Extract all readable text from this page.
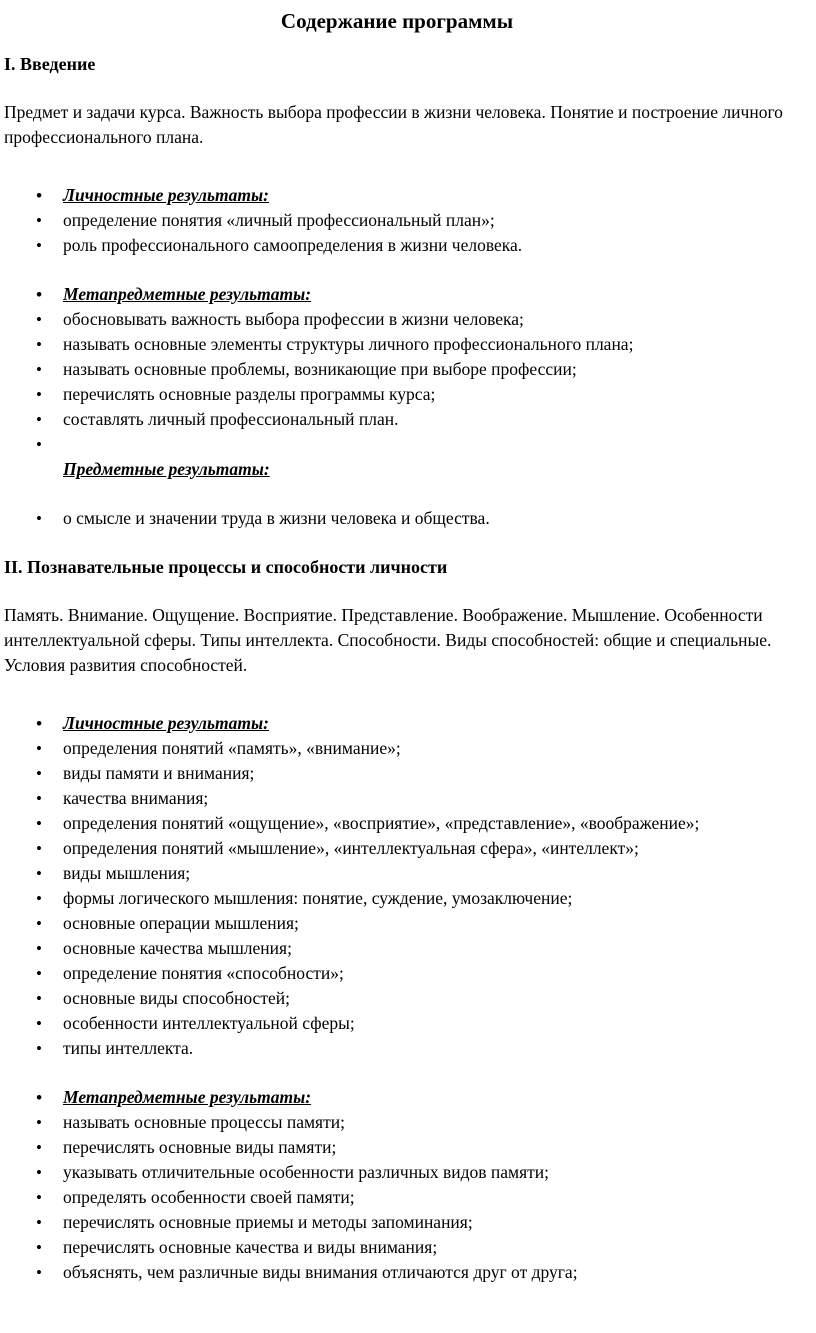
Содержание программы
I. Введение

Предмет и задачи курса. Важность выбора профессии в жизни человека. Понятие и построение личного профессионального плана.

• Личностные результаты:
• определение понятия «личный профессиональный план»;
• роль профессионального самоопределения в жизни человека.
• Метапредметные результаты:
• обосновывать важность выбора профессии в жизни человека;
• называть основные элементы структуры личного профессионального плана;
• называть основные проблемы, возникающие при выборе профессии;
• перечислять основные разделы программы курса;
• составлять личный профессиональный план.
•
Предметные результаты:
• о смысле и значении труда в жизни человека и общества.
II. Познавательные процессы и способности личности

Память. Внимание. Ощущение. Восприятие. Представление. Воображение. Мышление. Особенности интеллектуальной сферы. Типы интеллекта. Способности. Виды способностей: общие и специальные. Условия развития способностей.

• Личностные результаты:
• определения понятий «память», «внимание»;
• виды памяти и внимания;
• качества внимания;
• определения понятий «ощущение», «восприятие», «представление», «воображение»;
• определения понятий «мышление», «интеллектуальная сфера», «интеллект»;
• виды мышления;
• формы логического мышления: понятие, суждение, умозаключение;
• основные операции мышления;
• основные качества мышления;
• определение понятия «способности»;
• основные виды способностей;
• особенности интеллектуальной сферы;
• типы интеллекта.
• Метапредметные результаты:
• называть основные процессы памяти;
• перечислять основные виды памяти;
• указывать отличительные особенности различных видов памяти;
• определять особенности своей памяти;
• перечислять основные приемы и методы запоминания;
• перечислять основные качества и виды внимания;
• объяснять, чем различные виды внимания отличаются друг от друга;
